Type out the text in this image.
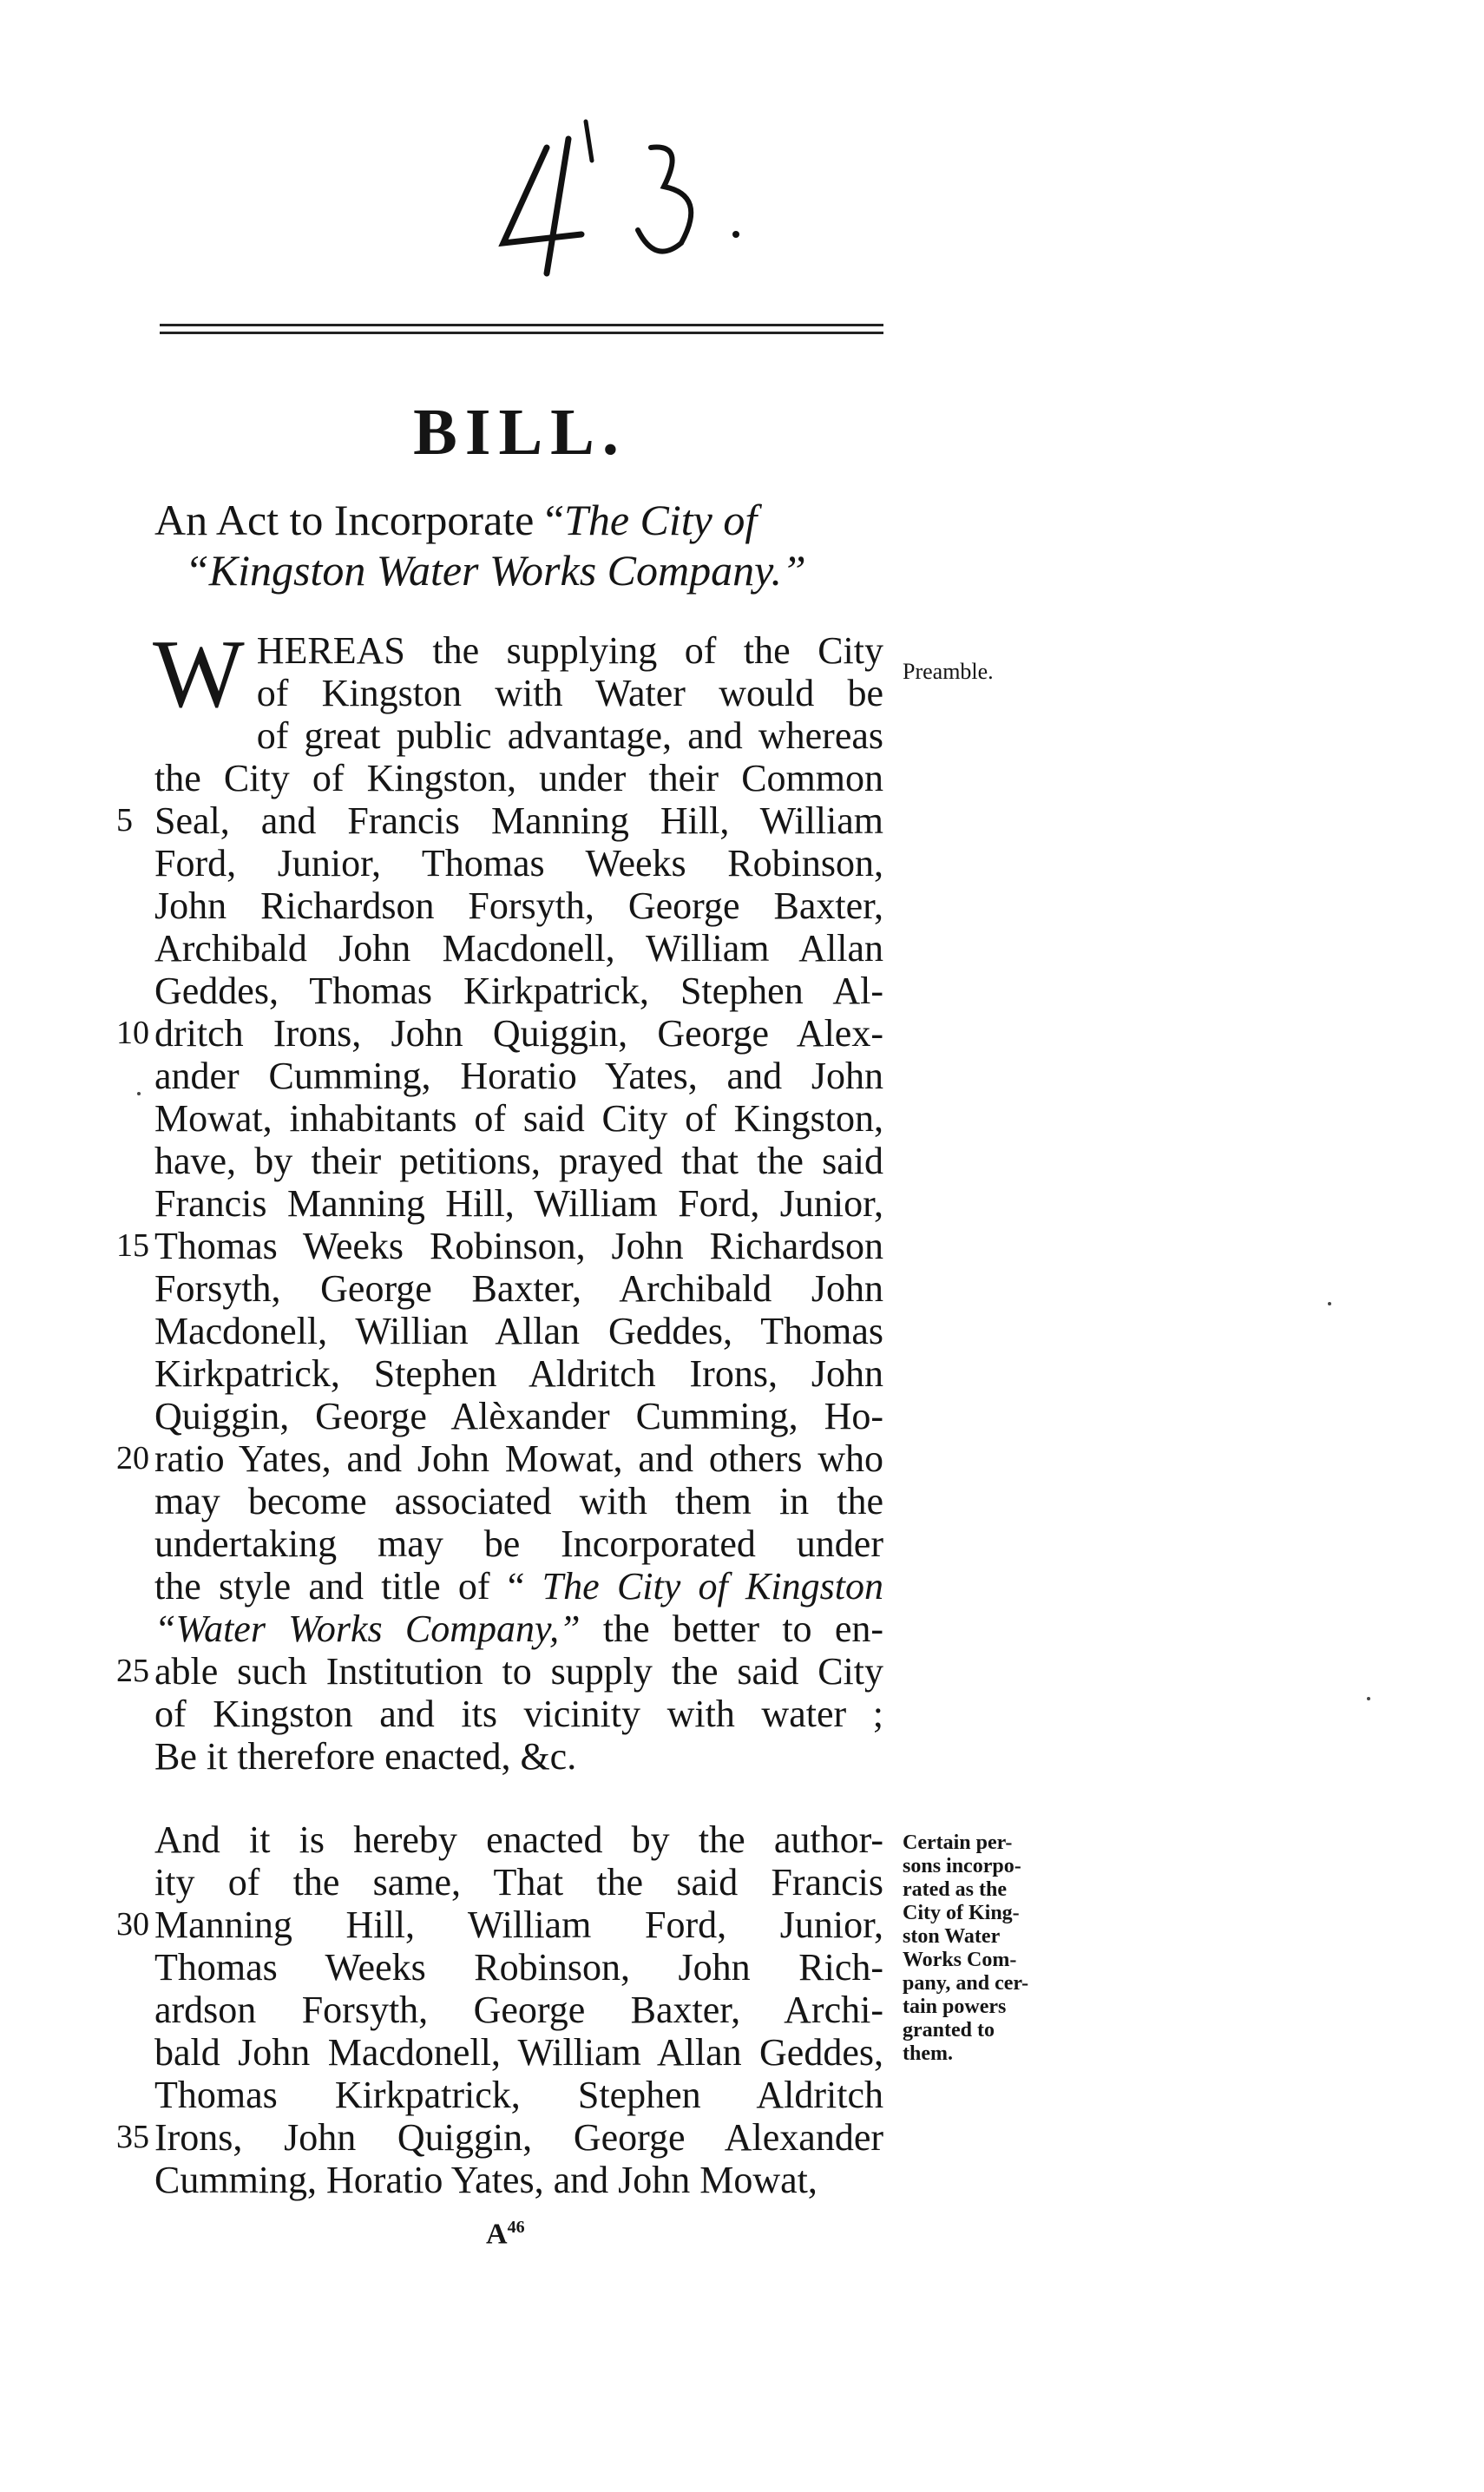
BILL.
An Act to Incorporate “The City of
“Kingston Water Works Company.”
W HEREAS the supplying of the City
of Kingston with Water would be
of great public advantage, and whereas
the City of Kingston, under their Common
Seal, and Francis Manning Hill, William
Ford, Junior, Thomas Weeks Robinson,
John Richardson Forsyth, George Baxter,
Archibald John Macdonell, William Allan
Geddes, Thomas Kirkpatrick, Stephen Al-
dritch Irons, John Quiggin, George Alex-
ander Cumming, Horatio Yates, and John
Mowat, inhabitants of said City of Kingston,
have, by their petitions, prayed that the said
Francis Manning Hill, William Ford, Junior,
Thomas Weeks Robinson, John Richardson
Forsyth, George Baxter, Archibald John
Macdonell, Willian Allan Geddes, Thomas
Kirkpatrick, Stephen Aldritch Irons, John
Quiggin, George Alèxander Cumming, Ho-
ratio Yates, and John Mowat, and others who
may become associated with them in the
undertaking may be Incorporated under
the style and title of “ The City of Kingston
“Water Works Company,” the better to en-
able such Institution to supply the said City
of Kingston and its vicinity with water ;
Be it therefore enacted, &c.
And it is hereby enacted by the author-
ity of the same, That the said Francis
Manning Hill, William Ford, Junior,
Thomas Weeks Robinson, John Rich-
ardson Forsyth, George Baxter, Archi-
bald John Macdonell, William Allan Geddes,
Thomas Kirkpatrick, Stephen Aldritch
Irons, John Quiggin, George Alexander
Cumming, Horatio Yates, and John Mowat,
5
10
15
20
25
30
35
Preamble.
Certain per-
sons incorpo-
rated as the
City of King-
ston Water
Works Com-
pany, and cer-
tain powers
granted to
them.
$A^{46}$
